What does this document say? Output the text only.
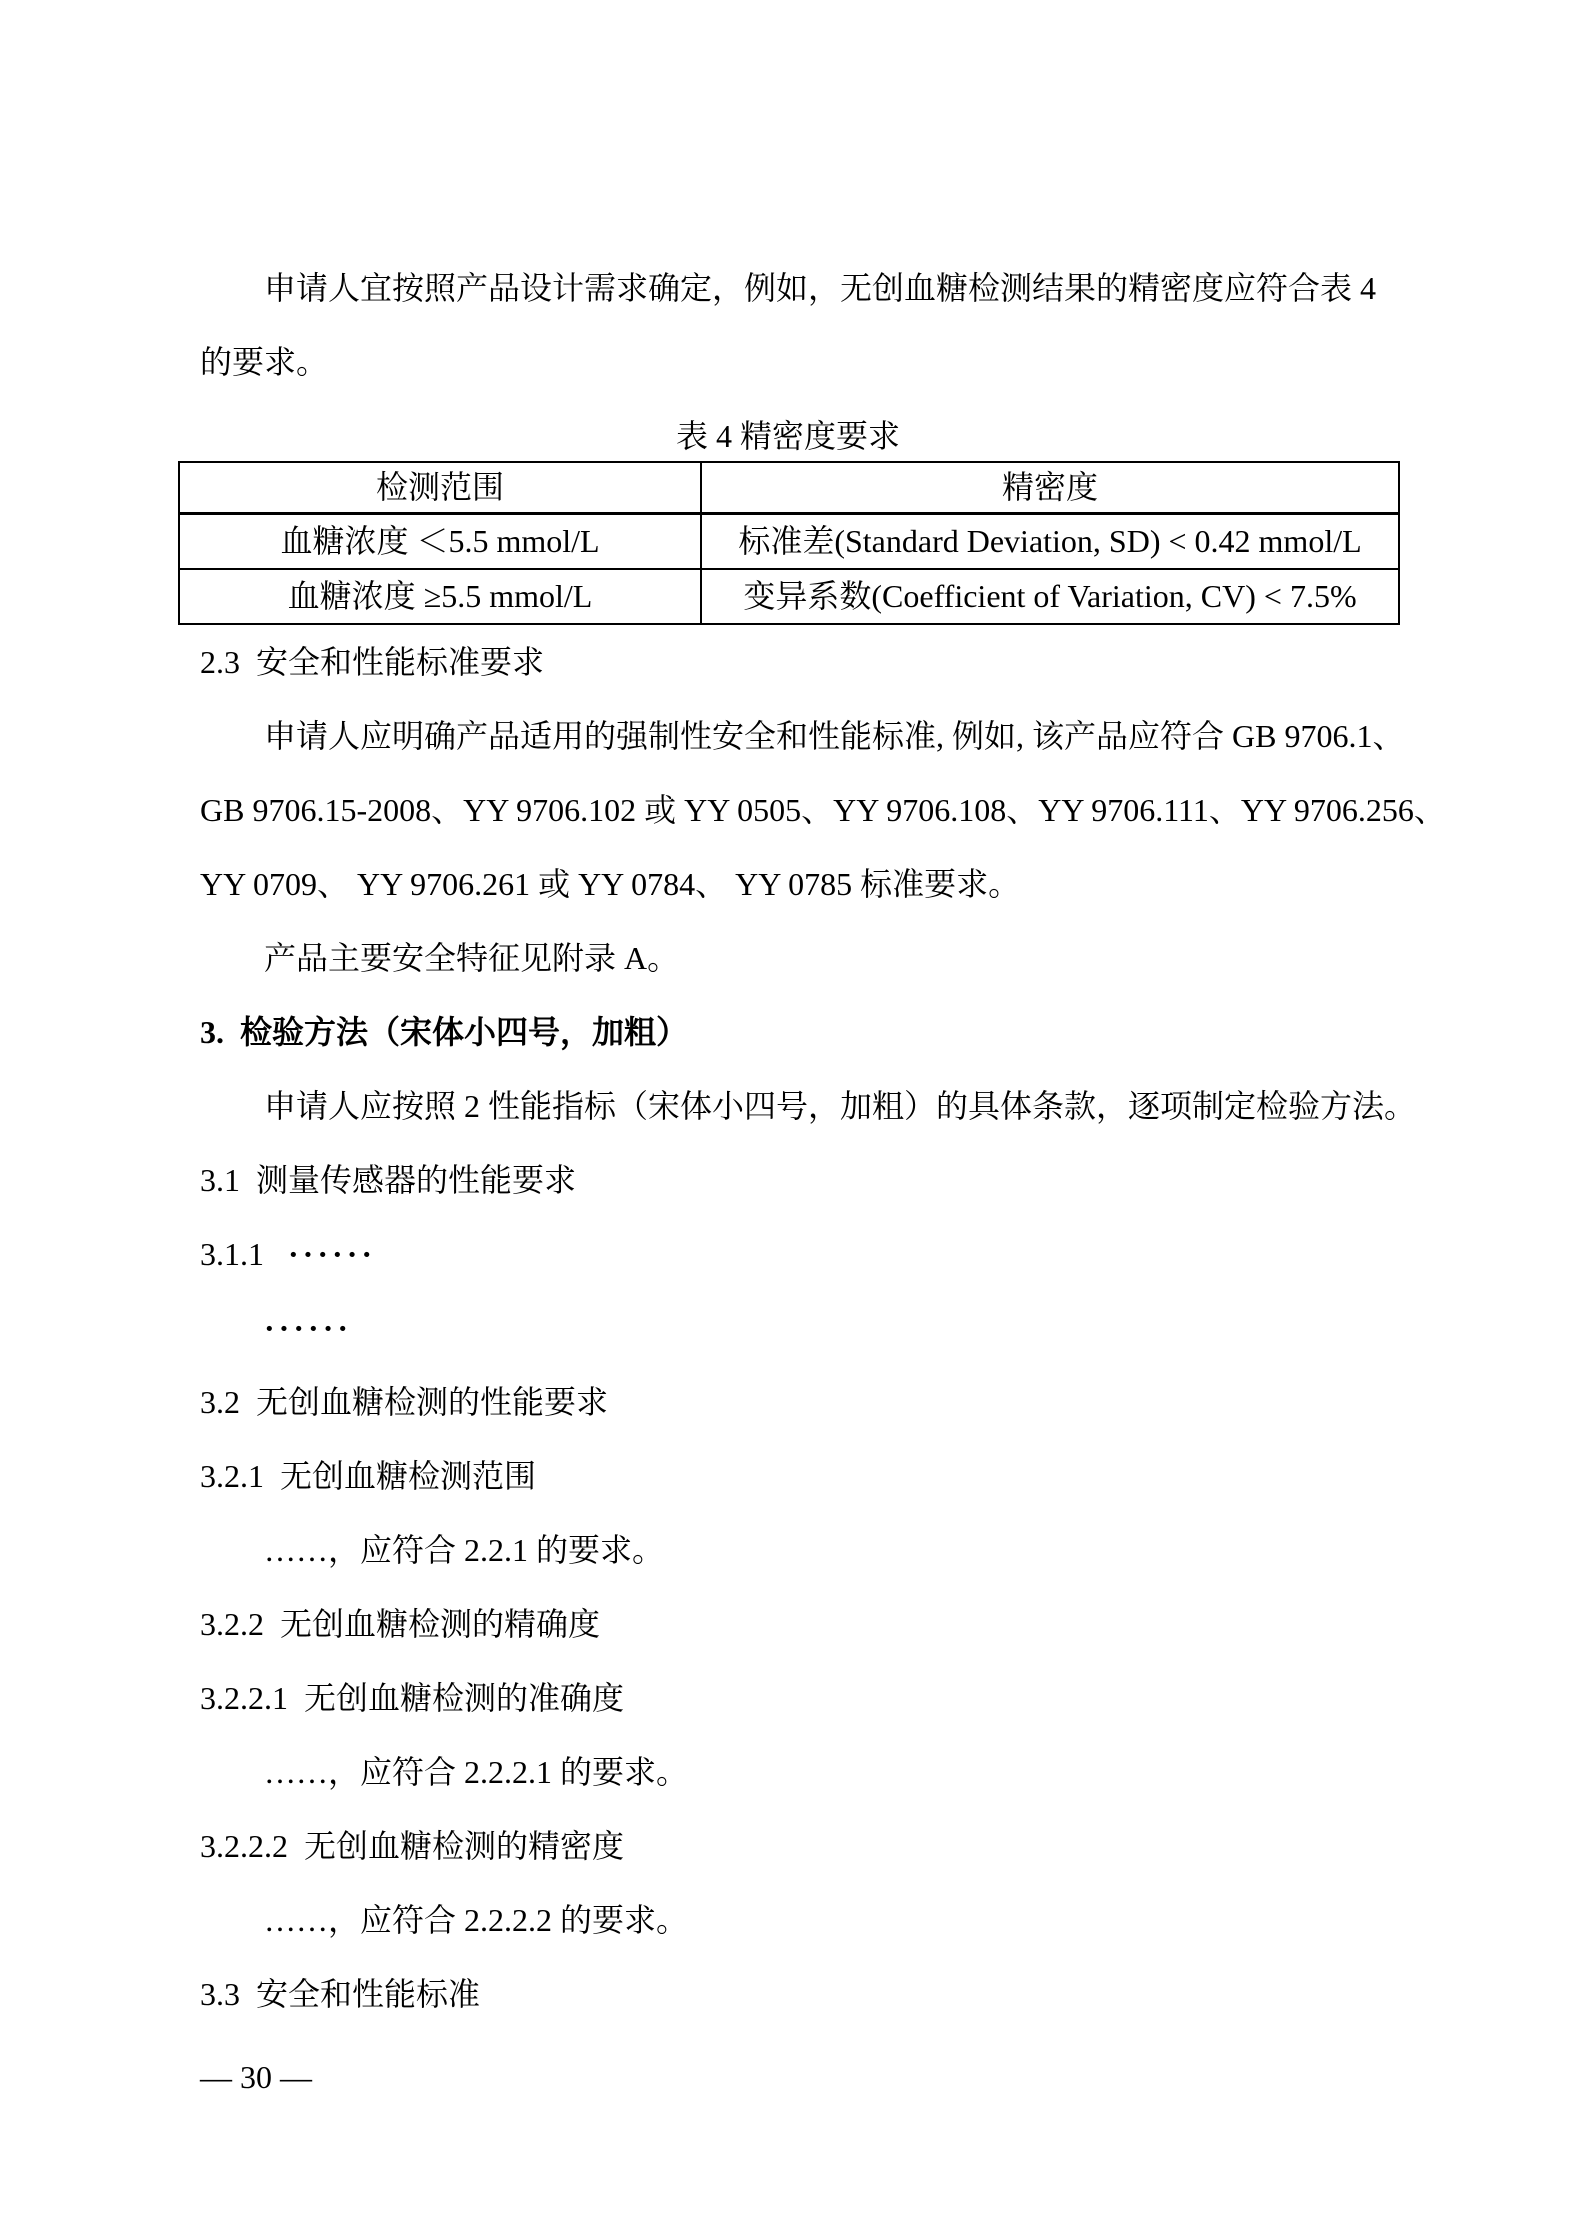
申请人宜按照产品设计需求确定，例如，无创血糖检测结果的精密度应符合表 4
的要求。
表 4 精密度要求
检测范围	精密度
血糖浓度 ＜5.5 mmol/L	标准差(Standard Deviation, SD) < 0.42 mmol/L
血糖浓度 ≥5.5 mmol/L	变异系数(Coefficient of Variation, CV) < 7.5%
2.3  安全和性能标准要求
申请人应明确产品适用的强制性安全和性能标准, 例如, 该产品应符合 GB 9706.1、
GB 9706.15-2008、YY 9706.102 或 YY 0505、YY 9706.108、YY 9706.111、YY 9706.256、
YY 0709、 YY 9706.261 或 YY 0784、 YY 0785 标准要求。
产品主要安全特征见附录 A。
3.  检验方法（宋体小四号，加粗）
申请人应按照 2 性能指标（宋体小四号，加粗）的具体条款，逐项制定检验方法。
3.1  测量传感器的性能要求
3.1.1 ······
······
3.2  无创血糖检测的性能要求
3.2.1  无创血糖检测范围
……，应符合 2.2.1 的要求。
3.2.2  无创血糖检测的精确度
3.2.2.1  无创血糖检测的准确度
……，应符合 2.2.2.1 的要求。
3.2.2.2  无创血糖检测的精密度
……，应符合 2.2.2.2 的要求。
3.3  安全和性能标准
— 30 —
